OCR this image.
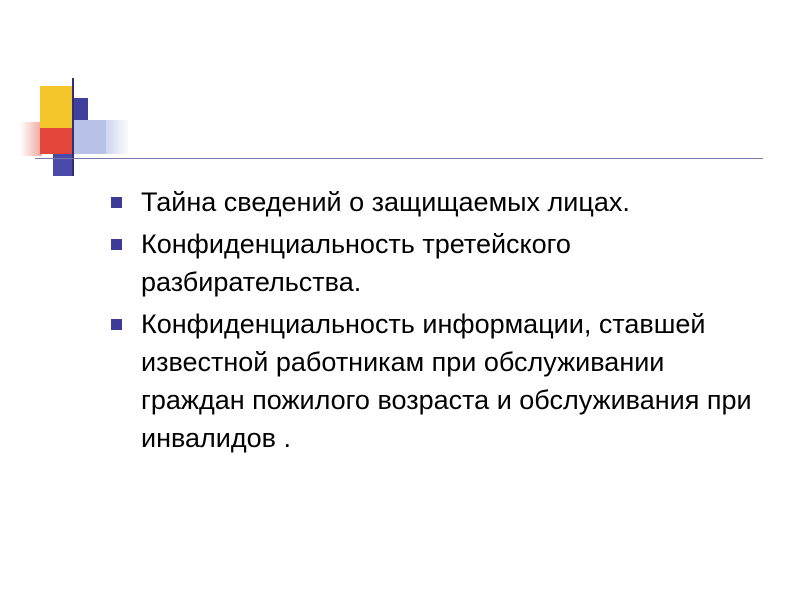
Тайна сведений о защищаемых лицах.
Конфиденциальность третейского разбирательства.
Конфиденциальность информации, ставшей известной работникам при обслуживании граждан пожилого возраста и обслуживания при инвалидов .
